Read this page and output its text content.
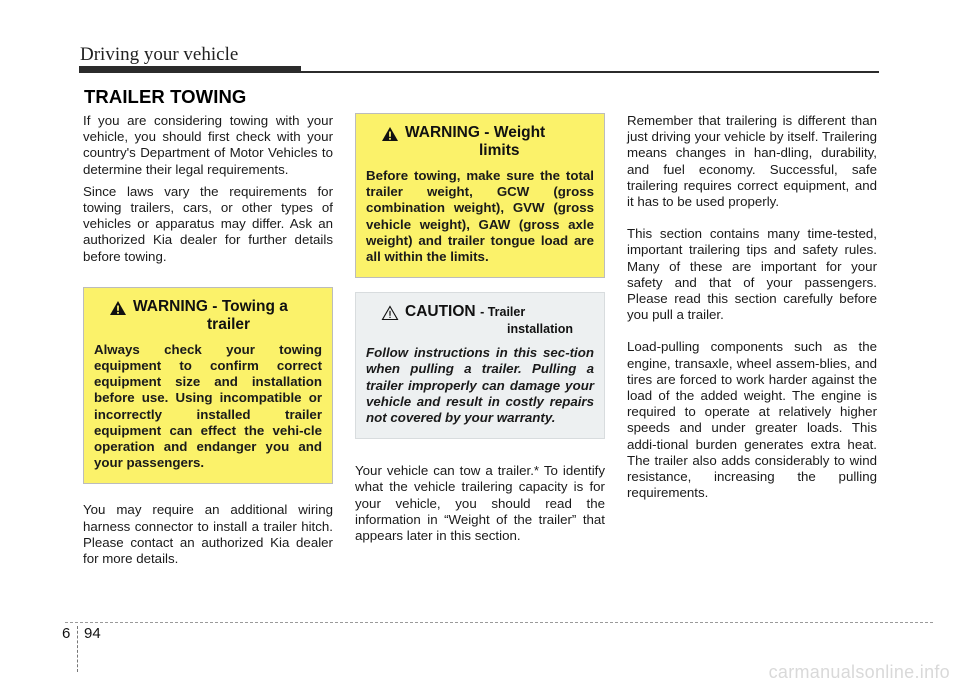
Driving your vehicle
TRAILER TOWING

If you are considering towing with your vehicle, you should first check with your country's Department of Motor Vehicles to determine their legal requirements.

Since laws vary the requirements for towing trailers, cars, or other types of vehicles or apparatus may differ. Ask an authorized Kia dealer for further details before towing.

WARNING - Towing a
trailer
Always check your towing equipment to confirm correct equipment size and installation before use. Using incompatible or incorrectly installed trailer equipment can effect the vehi-cle operation and endanger you and your passengers.

You may require an additional wiring harness connector to install a trailer hitch. Please contact an authorized Kia dealer for more details.

WARNING - Weight
limits
Before towing, make sure the total trailer weight, GCW (gross combination weight), GVW (gross vehicle weight), GAW (gross axle weight) and trailer tongue load are all within the limits.
CAUTION - Trailer
installation
Follow instructions in this sec-tion when pulling a trailer. Pulling a trailer improperly can damage your vehicle and result in costly repairs not covered by your warranty.

Your vehicle can tow a trailer.* To identify what the vehicle trailering capacity is for your vehicle, you should read the information in “Weight of the trailer” that appears later in this section.

Remember that trailering is different than just driving your vehicle by itself. Trailering means changes in han-dling, durability, and fuel economy. Successful, safe trailering requires correct equipment, and it has to be used properly.

This section contains many time-tested, important trailering tips and safety rules. Many of these are important for your safety and that of your passengers. Please read this section carefully before you pull a trailer.

Load-pulling components such as the engine, transaxle, wheel assem-blies, and tires are forced to work harder against the load of the added weight. The engine is required to operate at relatively higher speeds and under greater loads. This addi-tional burden generates extra heat. The trailer also adds considerably to wind resistance, increasing the pulling requirements.

6 94
carmanualsonline.info
